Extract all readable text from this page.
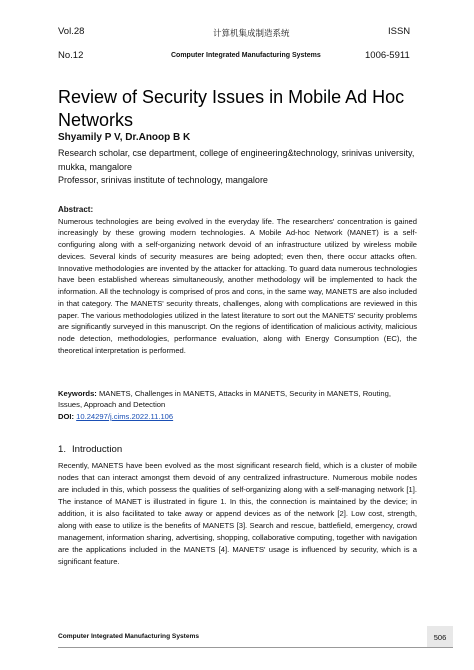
Vol.28	计算机集成制造系统	ISSN
No.12	Computer Integrated Manufacturing Systems	1006-5911
Review of Security Issues in Mobile Ad Hoc Networks
Shyamily P V, Dr.Anoop B K

Research scholar, cse department, college of engineering&technology, srinivas university, mukka, mangalore

Professor, srinivas institute of technology, mangalore

Abstract:

Numerous technologies are being evolved in the everyday life. The researchers' concentration is gained increasingly by these growing modern technologies. A Mobile Ad-hoc Network (MANET) is a self-configuring along with a self-organizing network devoid of an infrastructure utilized by wireless mobile devices. Several kinds of security measures are being adopted; even then, there occur attacks often. Innovative methodologies are invented by the attacker for attacking. To guard data numerous technologies have been established whereas simultaneously, another methodology will be implemented to hack the information. All the technology is comprised of pros and cons, in the same way, MANETS are also included in that category. The MANETS' security threats, challenges, along with complications are reviewed in this paper. The various methodologies utilized in the latest literature to sort out the MANETS' security problems are significantly surveyed in this manuscript. On the regions of identification of malicious activity, malicious node detection, methodologies, performance evaluation, along with Energy Consumption (EC), the theoretical interpretation is performed.

Keywords: MANETS, Challenges in MANETS, Attacks in MANETS, Security in MANETS, Routing, Issues, Approach and Detection

DOI: 10.24297/j.cims.2022.11.106
1. Introduction

Recently, MANETS have been evolved as the most significant research field, which is a cluster of mobile nodes that can interact amongst them devoid of any centralized infrastructure. Numerous mobile nodes are included in this, which possess the qualities of self-organizing along with a self-managing network [1]. The instance of MANET is illustrated in figure 1. In this, the connection is maintained by the device; in addition, it is also facilitated to take away or append devices as of the network [2]. Low cost, strength, along with ease to utilize is the benefits of MANETS [3]. Search and rescue, battlefield, emergency, crowd management, information sharing, advertising, shopping, collaborative computing, together with navigation are the applications included in the MANETS [4]. MANETS' usage is influenced by security, which is a significant feature.

Computer Integrated Manufacturing Systems	506
